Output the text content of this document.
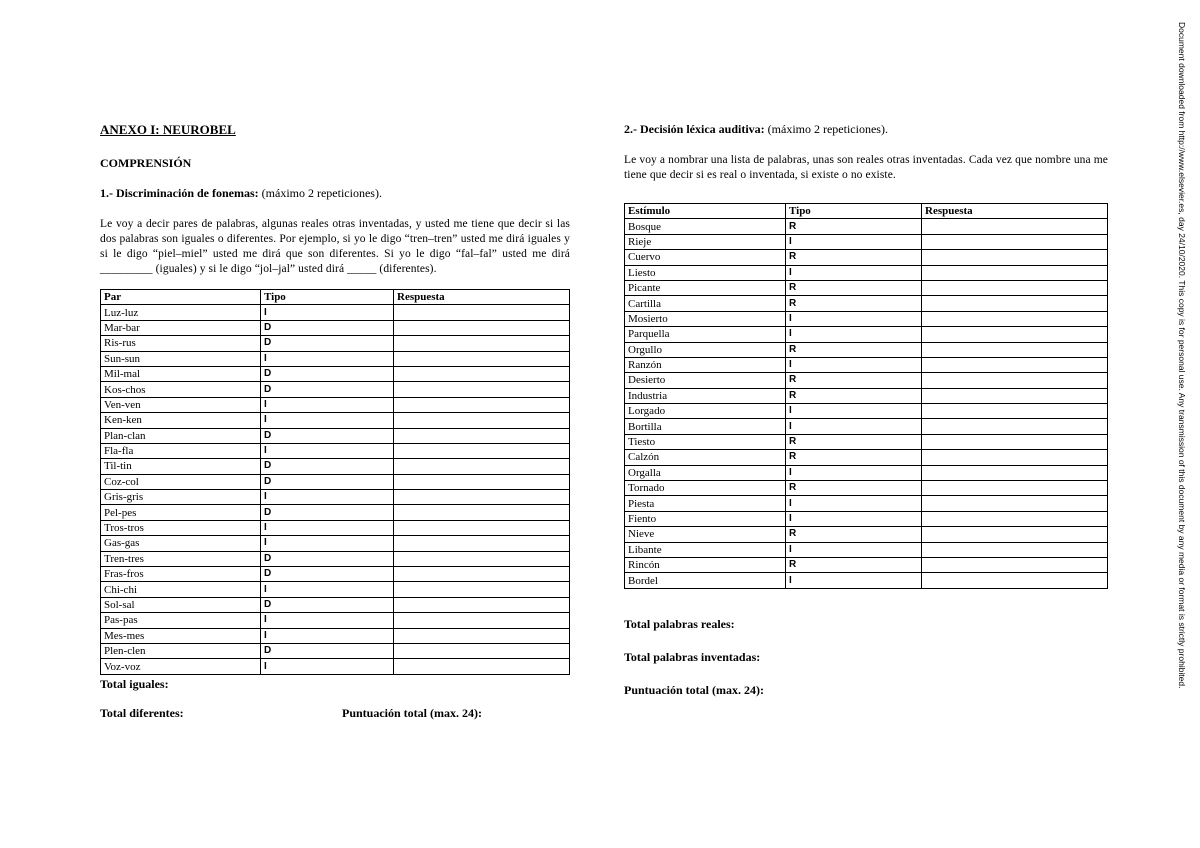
ANEXO I: NEUROBEL
COMPRENSIÓN
1.- Discriminación de fonemas: (máximo 2 repeticiones).
Le voy a decir pares de palabras, algunas reales otras inventadas, y usted me tiene que decir si las dos palabras son iguales o diferentes. Por ejemplo, si yo le digo “tren–tren” usted me dirá iguales y si le digo “piel–miel” usted me dirá que son diferentes. Si yo le digo “fal–fal” usted me dirá _________ (iguales) y si le digo “jol–jal” usted dirá _____ (diferentes).
Par	Tipo	Respuesta
Luz-luz	I	
Mar-bar	D	
Ris-rus	D	
Sun-sun	I	
Mil-mal	D	
Kos-chos	D	
Ven-ven	I	
Ken-ken	I	
Plan-clan	D	
Fla-fla	I	
Til-tin	D	
Coz-col	D	
Gris-gris	I	
Pel-pes	D	
Tros-tros	I	
Gas-gas	I	
Tren-tres	D	
Fras-fros	D	
Chi-chi	I	
Sol-sal	D	
Pas-pas	I	
Mes-mes	I	
Plen-clen	D	
Voz-voz	I	
Total iguales:
Total diferentes:	Puntuación total (max. 24):
2.- Decisión léxica auditiva: (máximo 2 repeticiones).
Le voy a nombrar una lista de palabras, unas son reales otras inventadas. Cada vez que nombre una me tiene que decir si es real o inventada, si existe o no existe.
Estímulo	Tipo	Respuesta
Bosque	R	
Rieje	I	
Cuervo	R	
Liesto	I	
Picante	R	
Cartilla	R	
Mosierto	I	
Parquella	I	
Orgullo	R	
Ranzón	I	
Desierto	R	
Industria	R	
Lorgado	I	
Bortilla	I	
Tiesto	R	
Calzón	R	
Orgalla	I	
Tornado	R	
Piesta	I	
Fiento	I	
Nieve	R	
Libante	I	
Rincón	R	
Bordel	I	
Total palabras reales:
Total palabras inventadas:
Puntuación total (max. 24):
Document downloaded from http://www.elsevier.es, day 24/10/2020. This copy is for personal use. Any transmission of this document by any media or format is strictly prohibited.
